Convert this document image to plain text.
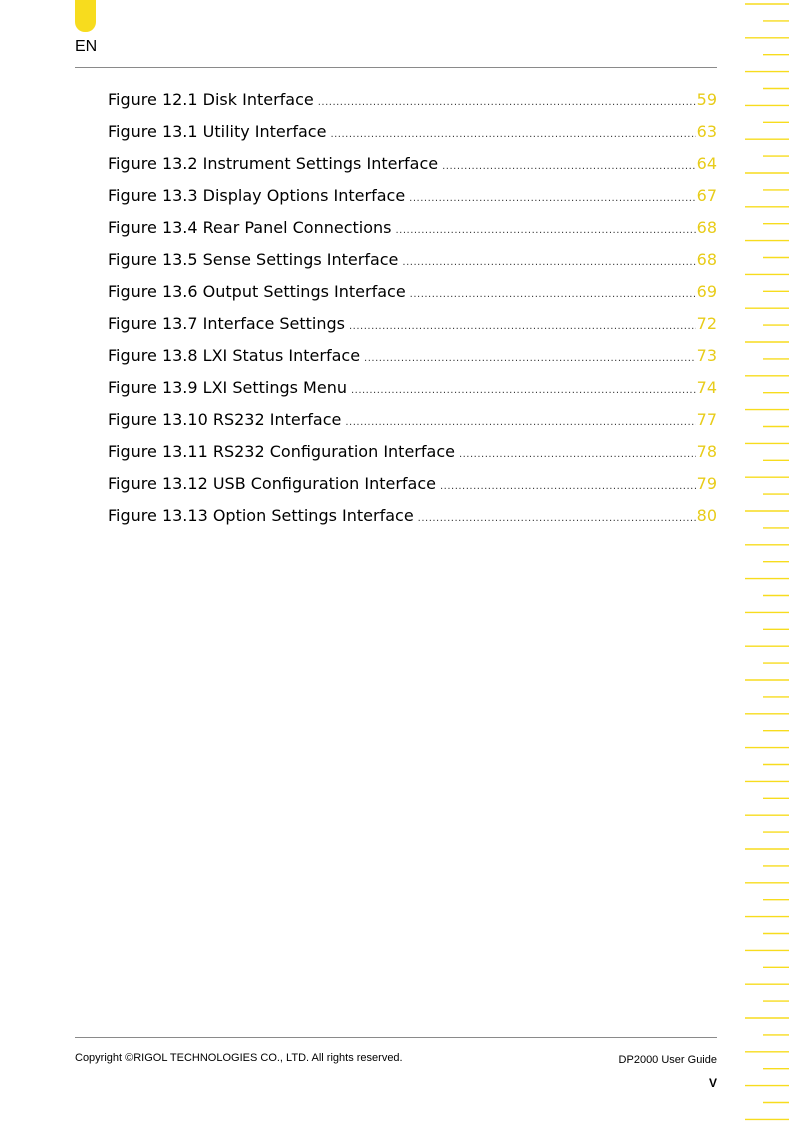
EN
Figure 12.1 Disk Interface .....	59
Figure 13.1 Utility Interface .....	63
Figure 13.2 Instrument Settings Interface .....	64
Figure 13.3 Display Options Interface .....	67
Figure 13.4 Rear Panel Connections .....	68
Figure 13.5 Sense Settings Interface .....	68
Figure 13.6 Output Settings Interface .....	69
Figure 13.7 Interface Settings .....	72
Figure 13.8 LXI Status Interface .....	73
Figure 13.9 LXI Settings Menu .....	74
Figure 13.10 RS232 Interface .....	77
Figure 13.11 RS232 Configuration Interface .....	78
Figure 13.12 USB Configuration Interface .....	79
Figure 13.13 Option Settings Interface .....	80
Copyright ©RIGOL TECHNOLOGIES CO., LTD. All rights reserved.	DP2000 User Guide
V
